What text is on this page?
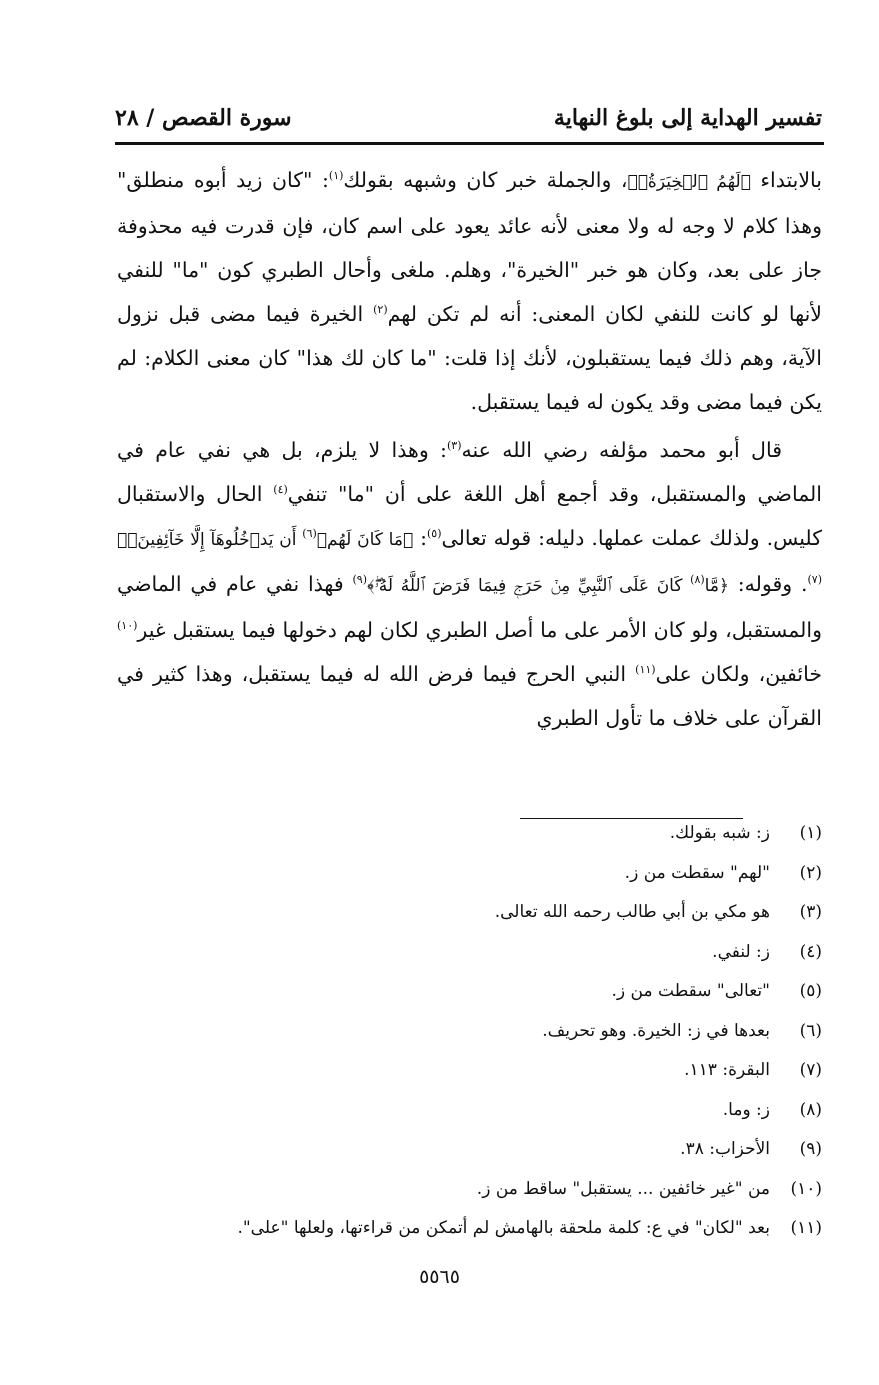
تفسير الهداية إلى بلوغ النهاية
سورة القصص / ٢٨

بالابتداء ﴿لَهُمُ ٱلۡخِيَرَةُۚ﴾، والجملة خبر كان وشبهه بقولك$^{(١)}$: "كان زيد أبوه منطلق" وهذا كلام لا وجه له ولا معنى لأنه عائد يعود على اسم كان، فإن قدرت فيه محذوفة جاز على بعد، وكان هو خبر "الخيرة"، وهلم. ملغى وأحال الطبري كون "ما" للنفي لأنها لو كانت للنفي لكان المعنى: أنه لم تكن لهم$^{(٢)}$ الخيرة فيما مضى قبل نزول الآية، وهم ذلك فيما يستقبلون، لأنك إذا قلت: "ما كان لك هذا" كان معنى الكلام: لم يكن فيما مضى وقد يكون له فيما يستقبل.

قال أبو محمد مؤلفه رضي الله عنه$^{(٣)}$: وهذا لا يلزم، بل هي نفي عام في الماضي والمستقبل، وقد أجمع أهل اللغة على أن "ما" تنفي$^{(٤)}$ الحال والاستقبال كليس. ولذلك عملت عملها. دليله: قوله تعالى$^{(٥)}$: ﴿مَا كَانَ لَهُمۡ$^{(٦)}$ أَن يَدۡخُلُوهَآ إِلَّا خَآئِفِينَۚ﴾$^{(٧)}$. وقوله: ﴿مَّا$^{(٨)}$ كَانَ عَلَى ٱلنَّبِيِّ مِنۡ حَرَجٖ فِيمَا فَرَضَ ٱللَّهُ لَهُۥۖ﴾$^{(٩)}$ فهذا نفي عام في الماضي والمستقبل، ولو كان الأمر على ما أصل الطبري لكان لهم دخولها فيما يستقبل غير$^{(١٠)}$ خائفين، ولكان على$^{(١١)}$ النبي الحرج فيما فرض الله له فيما يستقبل، وهذا كثير في القرآن على خلاف ما تأول الطبري

(١)ز: شبه بقولك.
(٢)"لهم" سقطت من ز.
(٣)هو مكي بن أبي طالب رحمه الله تعالى.
(٤)ز: لنفي.
(٥)"تعالى" سقطت من ز.
(٦)بعدها في ز: الخيرة. وهو تحريف.
(٧)البقرة: ١١٣.
(٨)ز: وما.
(٩)الأحزاب: ٣٨.
(١٠)من "غير خائفين ... يستقبل" ساقط من ز.
(١١)بعد "لكان" في ع: كلمة ملحقة بالهامش لم أتمكن من قراءتها، ولعلها "على".
٥٥٦٥
